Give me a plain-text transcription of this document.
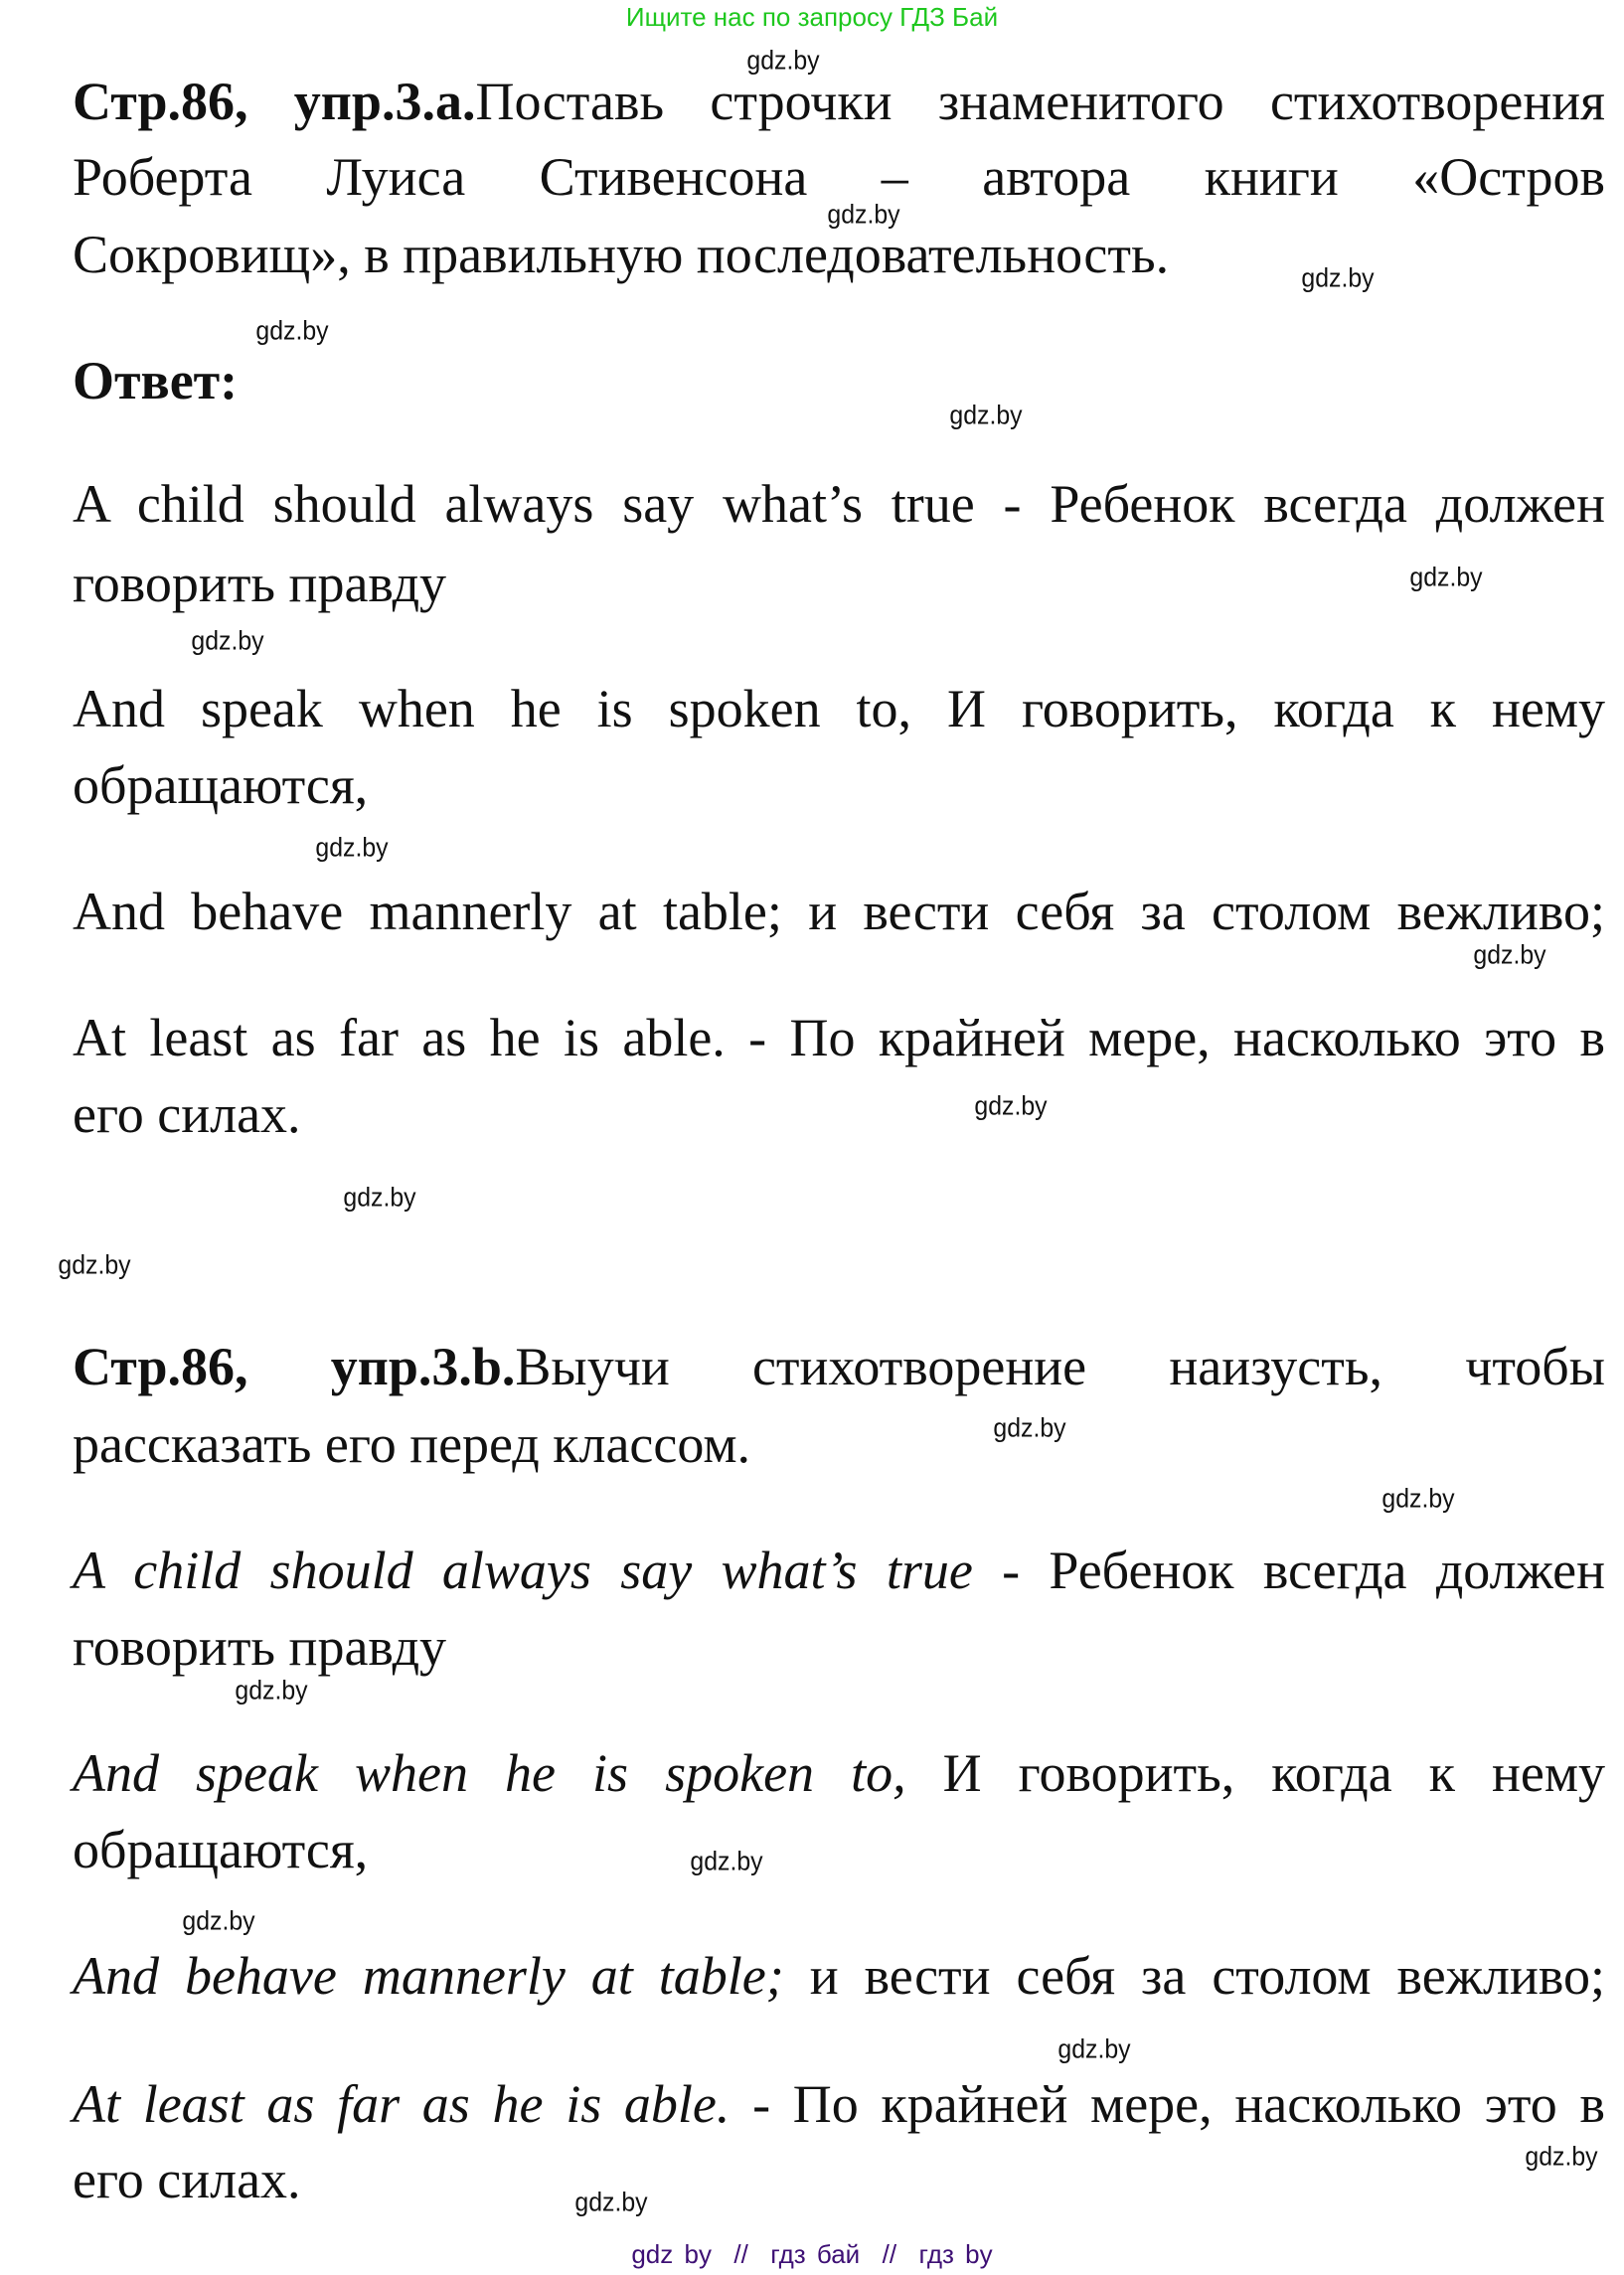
Ищите нас по запросу ГДЗ Бай
gdz.by
gdz.by
gdz.by
gdz.by
gdz.by
gdz.by
gdz.by
gdz.by
gdz.by
gdz.by
gdz.by
gdz.by
gdz.by
gdz.by
gdz.by
gdz.by
gdz.by
gdz.by
gdz.by
gdz.by
Стр.86, упр.3.a.Поставь строчки знаменитого стихотворения
Роберта Луиса Стивенсона – автора книги «Остров
Сокровищ», в правильную последовательность.
Ответ:
A child should always say what’s true - Ребенок всегда должен
говорить правду
And speak when he is spoken to, И говорить, когда к нему
обращаются,
And behave mannerly at table; и вести себя за столом вежливо;
At least as far as he is able. - По крайней мере, насколько это в
его силах.
Стр.86, упр.3.b.Выучи стихотворение наизусть, чтобы
рассказать его перед классом.
A child should always say what’s true - Ребенок всегда должен
говорить правду
And speak when he is spoken to, И говорить, когда к нему
обращаются,
And behave mannerly at table; и вести себя за столом вежливо;
At least as far as he is able. - По крайней мере, насколько это в
его силах.
gdz by  //  гдз бай  //  гдз by
